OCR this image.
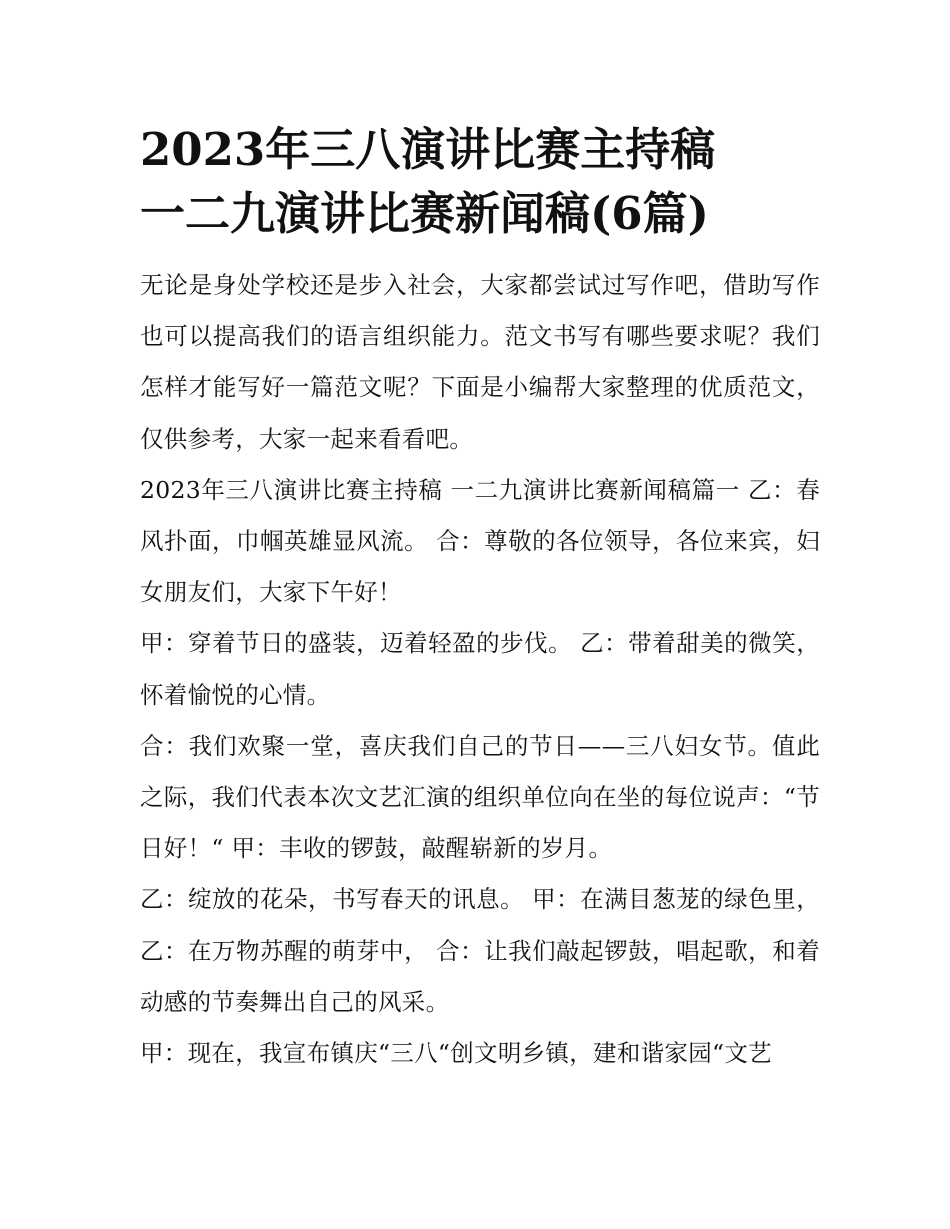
2023年三八演讲比赛主持稿
一二九演讲比赛新闻稿(6篇)

无论是身处学校还是步入社会，大家都尝试过写作吧，借助写作也可以提高我们的语言组织能力。范文书写有哪些要求呢？我们怎样才能写好一篇范文呢？下面是小编帮大家整理的优质范文，仅供参考，大家一起来看看吧。

2023年三八演讲比赛主持稿 一二九演讲比赛新闻稿篇一 乙：春风扑面，巾帼英雄显风流。 合：尊敬的各位领导，各位来宾，妇女朋友们，大家下午好！

甲：穿着节日的盛装，迈着轻盈的步伐。 乙：带着甜美的微笑，怀着愉悦的心情。

合：我们欢聚一堂，喜庆我们自己的节日——三八妇女节。值此之际，我们代表本次文艺汇演的组织单位向在坐的每位说声：“节日好！“ 甲：丰收的锣鼓，敲醒崭新的岁月。

乙：绽放的花朵，书写春天的讯息。 甲：在满目葱茏的绿色里， 乙：在万物苏醒的萌芽中， 合：让我们敲起锣鼓，唱起歌，和着动感的节奏舞出自己的风采。

甲：现在，我宣布镇庆“三八“创文明乡镇，建和谐家园“文艺
